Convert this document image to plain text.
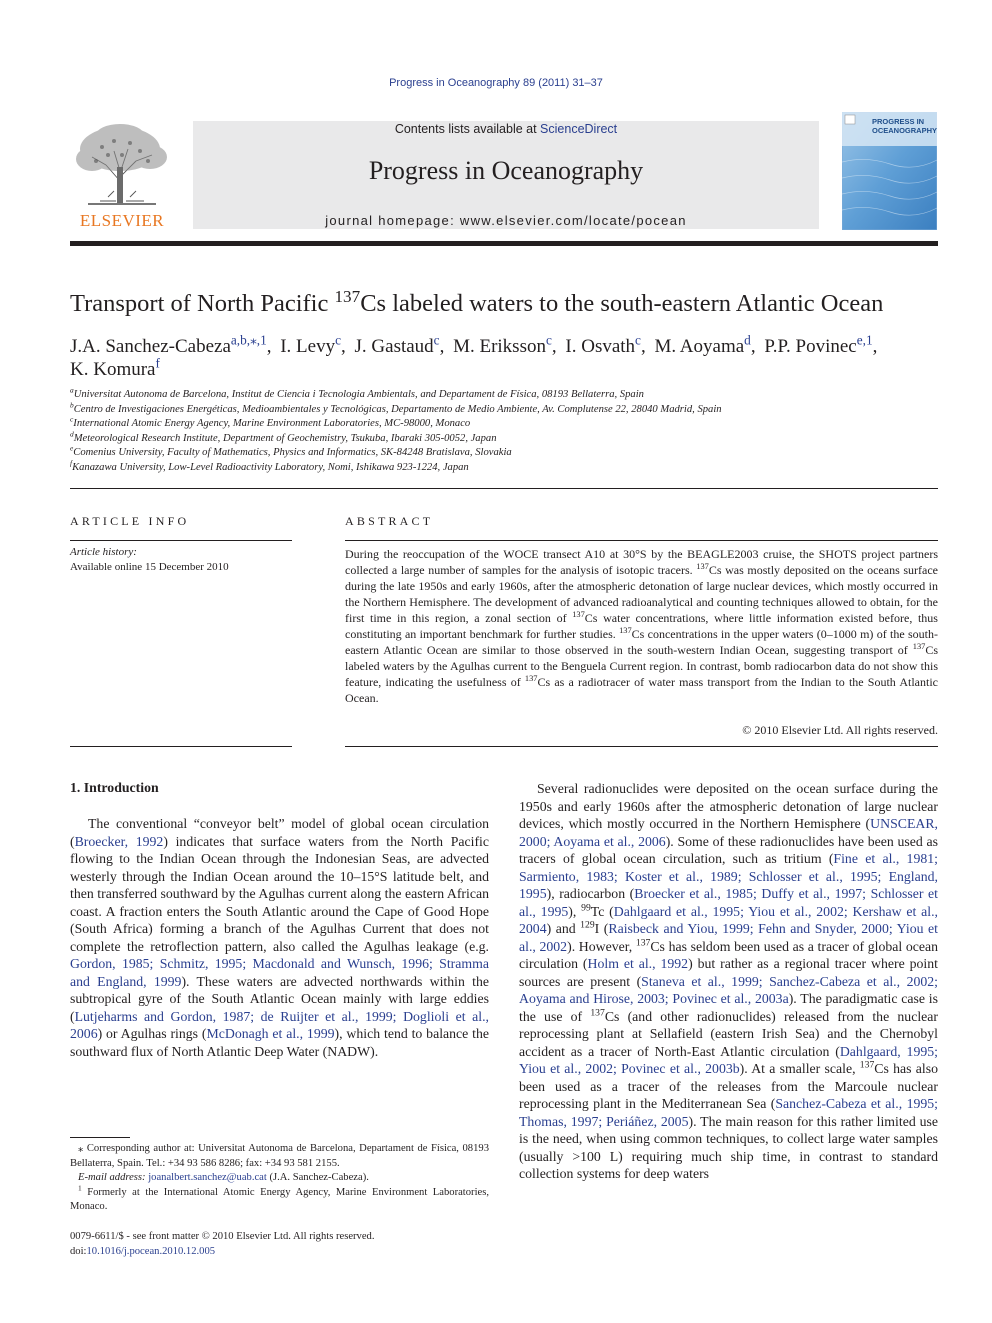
Progress in Oceanography 89 (2011) 31–37
ELSEVIER
Contents lists available at ScienceDirect
Progress in Oceanography
journal homepage: www.elsevier.com/locate/pocean
PROGRESS IN
OCEANOGRAPHY
Transport of North Pacific $^{137}$Cs labeled waters to the south-eastern Atlantic Ocean
J.A. Sanchez-Cabeza$^{a,b,⁎,1}$, I. Levy$^c$, J. Gastaud$^c$, M. Eriksson$^c$, I. Osvath$^c$, M. Aoyama$^d$, P.P. Povinec$^{e,1}$,
K. Komura$^f$
$^a$Universitat Autonoma de Barcelona, Institut de Ciencia i Tecnologia Ambientals, and Departament de Física, 08193 Bellaterra, Spain
$^b$Centro de Investigaciones Energéticas, Medioambientales y Tecnológicas, Departamento de Medio Ambiente, Av. Complutense 22, 28040 Madrid, Spain
$^c$International Atomic Energy Agency, Marine Environment Laboratories, MC-98000, Monaco
$^d$Meteorological Research Institute, Department of Geochemistry, Tsukuba, Ibaraki 305-0052, Japan
$^e$Comenius University, Faculty of Mathematics, Physics and Informatics, SK-84248 Bratislava, Slovakia
$^f$Kanazawa University, Low-Level Radioactivity Laboratory, Nomi, Ishikawa 923-1224, Japan
ARTICLE INFO
Article history:
Available online 15 December 2010
ABSTRACT
During the reoccupation of the WOCE transect A10 at 30°S by the BEAGLE2003 cruise, the SHOTS project partners collected a large number of samples for the analysis of isotopic tracers. $^{137}$Cs was mostly deposited on the oceans surface during the late 1950s and early 1960s, after the atmospheric detonation of large nuclear devices, which mostly occurred in the Northern Hemisphere. The development of advanced radioanalytical and counting techniques allowed to obtain, for the first time in this region, a zonal section of $^{137}$Cs water concentrations, where little information existed before, thus constituting an important benchmark for further studies. $^{137}$Cs concentrations in the upper waters (0–1000 m) of the south-eastern Atlantic Ocean are similar to those observed in the south-western Indian Ocean, suggesting transport of $^{137}$Cs labeled waters by the Agulhas current to the Benguela Current region. In contrast, bomb radiocarbon data do not show this feature, indicating the usefulness of $^{137}$Cs as a radiotracer of water mass transport from the Indian to the South Atlantic Ocean.
© 2010 Elsevier Ltd. All rights reserved.
1. Introduction

The conventional “conveyor belt” model of global ocean circulation (Broecker, 1992) indicates that surface waters from the North Pacific flowing to the Indian Ocean through the Indonesian Seas, are advected westerly through the Indian Ocean around the 10–15°S latitude belt, and then transferred southward by the Agulhas current along the eastern African coast. A fraction enters the South Atlantic around the Cape of Good Hope (South Africa) forming a branch of the Agulhas Current that does not complete the retroflection pattern, also called the Agulhas leakage (e.g. Gordon, 1985; Schmitz, 1995; Macdonald and Wunsch, 1996; Stramma and England, 1999). These waters are advected northwards within the subtropical gyre of the South Atlantic Ocean mainly with large eddies (Lutjeharms and Gordon, 1987; de Ruijter et al., 1999; Doglioli et al., 2006) or Agulhas rings (McDonagh et al., 1999), which tend to balance the southward flux of North Atlantic Deep Water (NADW).

⁎ Corresponding author at: Universitat Autonoma de Barcelona, Departament de Física, 08193 Bellaterra, Spain. Tel.: +34 93 586 8286; fax: +34 93 581 2155.

E-mail address: joanalbert.sanchez@uab.cat (J.A. Sanchez-Cabeza).

$^1$ Formerly at the International Atomic Energy Agency, Marine Environment Laboratories, Monaco.

0079-6611/$ - see front matter © 2010 Elsevier Ltd. All rights reserved.
doi:10.1016/j.pocean.2010.12.005

Several radionuclides were deposited on the ocean surface during the 1950s and early 1960s after the atmospheric detonation of large nuclear devices, which mostly occurred in the Northern Hemisphere (UNSCEAR, 2000; Aoyama et al., 2006). Some of these radionuclides have been used as tracers of global ocean circulation, such as tritium (Fine et al., 1981; Sarmiento, 1983; Koster et al., 1989; Schlosser et al., 1995; England, 1995), radiocarbon (Broecker et al., 1985; Duffy et al., 1997; Schlosser et al., 1995), $^{99}$Tc (Dahlgaard et al., 1995; Yiou et al., 2002; Kershaw et al., 2004) and $^{129}$I (Raisbeck and Yiou, 1999; Fehn and Snyder, 2000; Yiou et al., 2002). However, $^{137}$Cs has seldom been used as a tracer of global ocean circulation (Holm et al., 1992) but rather as a regional tracer where point sources are present (Staneva et al., 1999; Sanchez-Cabeza et al., 2002; Aoyama and Hirose, 2003; Povinec et al., 2003a). The paradigmatic case is the use of $^{137}$Cs (and other radionuclides) released from the nuclear reprocessing plant at Sellafield (eastern Irish Sea) and the Chernobyl accident as a tracer of North-East Atlantic circulation (Dahlgaard, 1995; Yiou et al., 2002; Povinec et al., 2003b). At a smaller scale, $^{137}$Cs has also been used as a tracer of the releases from the Marcoule nuclear reprocessing plant in the Mediterranean Sea (Sanchez-Cabeza et al., 1995; Thomas, 1997; Periáñez, 2005). The main reason for this rather limited use is the need, when using common techniques, to collect large water samples (usually >100 L) requiring much ship time, in contrast to standard collection systems for deep waters
